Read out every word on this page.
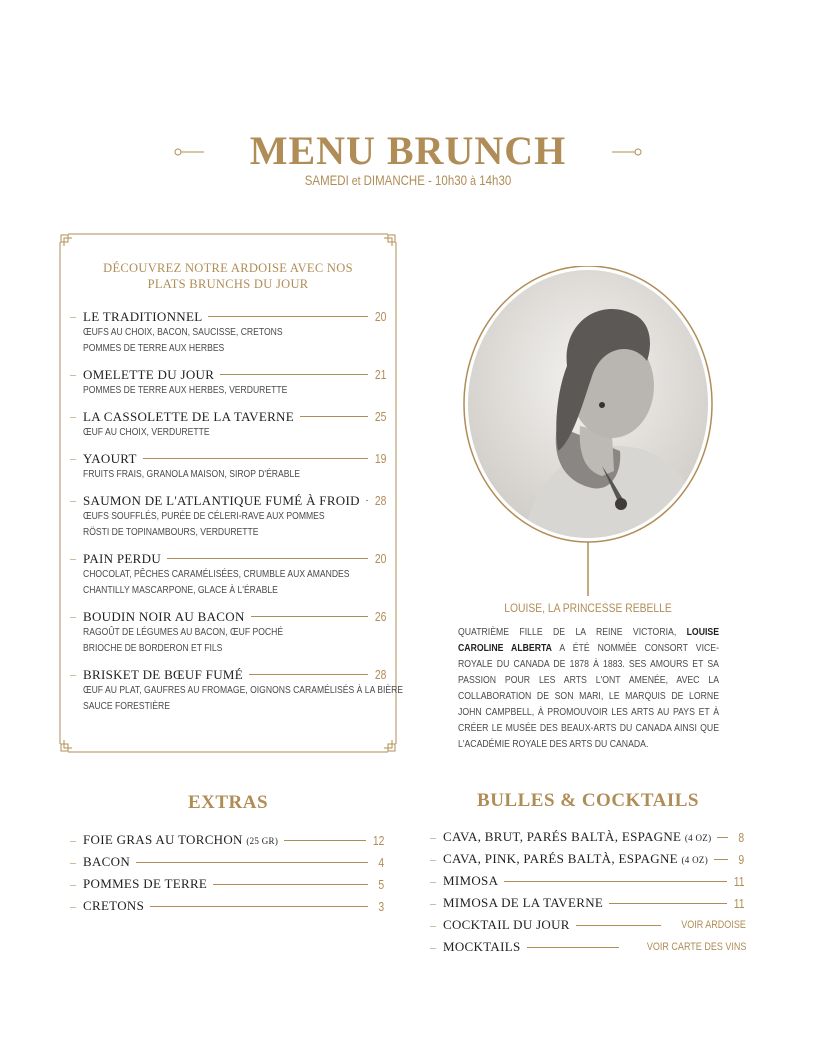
MENU BRUNCH
SAMEDI et DIMANCHE - 10h30 à 14h30
DÉCOUVREZ NOTRE ARDOISE AVEC NOS
PLATS BRUNCHS DU JOUR
– LE TRADITIONNEL	20
ŒUFS AU CHOIX, BACON, SAUCISSE, CRETONS
POMMES DE TERRE AUX HERBES
– OMELETTE DU JOUR	21
POMMES DE TERRE AUX HERBES, VERDURETTE
– LA CASSOLETTE DE LA TAVERNE	25
ŒUF AU CHOIX, VERDURETTE
– YAOURT	19
FRUITS FRAIS, GRANOLA MAISON, SIROP D'ÉRABLE
– SAUMON DE L'ATLANTIQUE FUMÉ À FROID	28
ŒUFS SOUFFLÉS, PURÉE DE CÉLERI-RAVE AUX POMMES
RÖSTI DE TOPINAMBOURS, VERDURETTE
– PAIN PERDU	20
CHOCOLAT, PÊCHES CARAMÉLISÉES, CRUMBLE AUX AMANDES
CHANTILLY MASCARPONE, GLACE À L'ÉRABLE
– BOUDIN NOIR AU BACON	26
RAGOÛT DE LÉGUMES AU BACON, ŒUF POCHÉ
BRIOCHE DE BORDERON ET FILS
– BRISKET DE BŒUF FUMÉ	28
ŒUF AU PLAT, GAUFRES AU FROMAGE, OIGNONS CARAMÉLISÉS À LA BIÈRE
SAUCE FORESTIÈRE
LOUISE, LA PRINCESSE REBELLE
QUATRIÈME FILLE DE LA REINE VICTORIA, LOUISE CAROLINE ALBERTA A ÉTÉ NOMMÉE CONSORT VICE-ROYALE DU CANADA DE 1878 À 1883. SES AMOURS ET SA PASSION POUR LES ARTS L'ONT AMENÉE, AVEC LA COLLABORATION DE SON MARI, LE MARQUIS DE LORNE JOHN CAMPBELL, À PROMOUVOIR LES ARTS AU PAYS ET À CRÉER LE MUSÉE DES BEAUX-ARTS DU CANADA AINSI QUE L'ACADÉMIE ROYALE DES ARTS DU CANADA.
EXTRAS
– FOIE GRAS AU TORCHON (25 GR)	12
– BACON	4
– POMMES DE TERRE	5
– CRETONS	3
BULLES & COCKTAILS
– CAVA, BRUT, PARÉS BALTÀ, ESPAGNE (4 OZ)	8
– CAVA, PINK, PARÉS BALTÀ, ESPAGNE (4 OZ)	9
– MIMOSA	11
– MIMOSA DE LA TAVERNE	11
– COCKTAIL DU JOUR	VOIR ARDOISE
– MOCKTAILS	VOIR CARTE DES VINS
